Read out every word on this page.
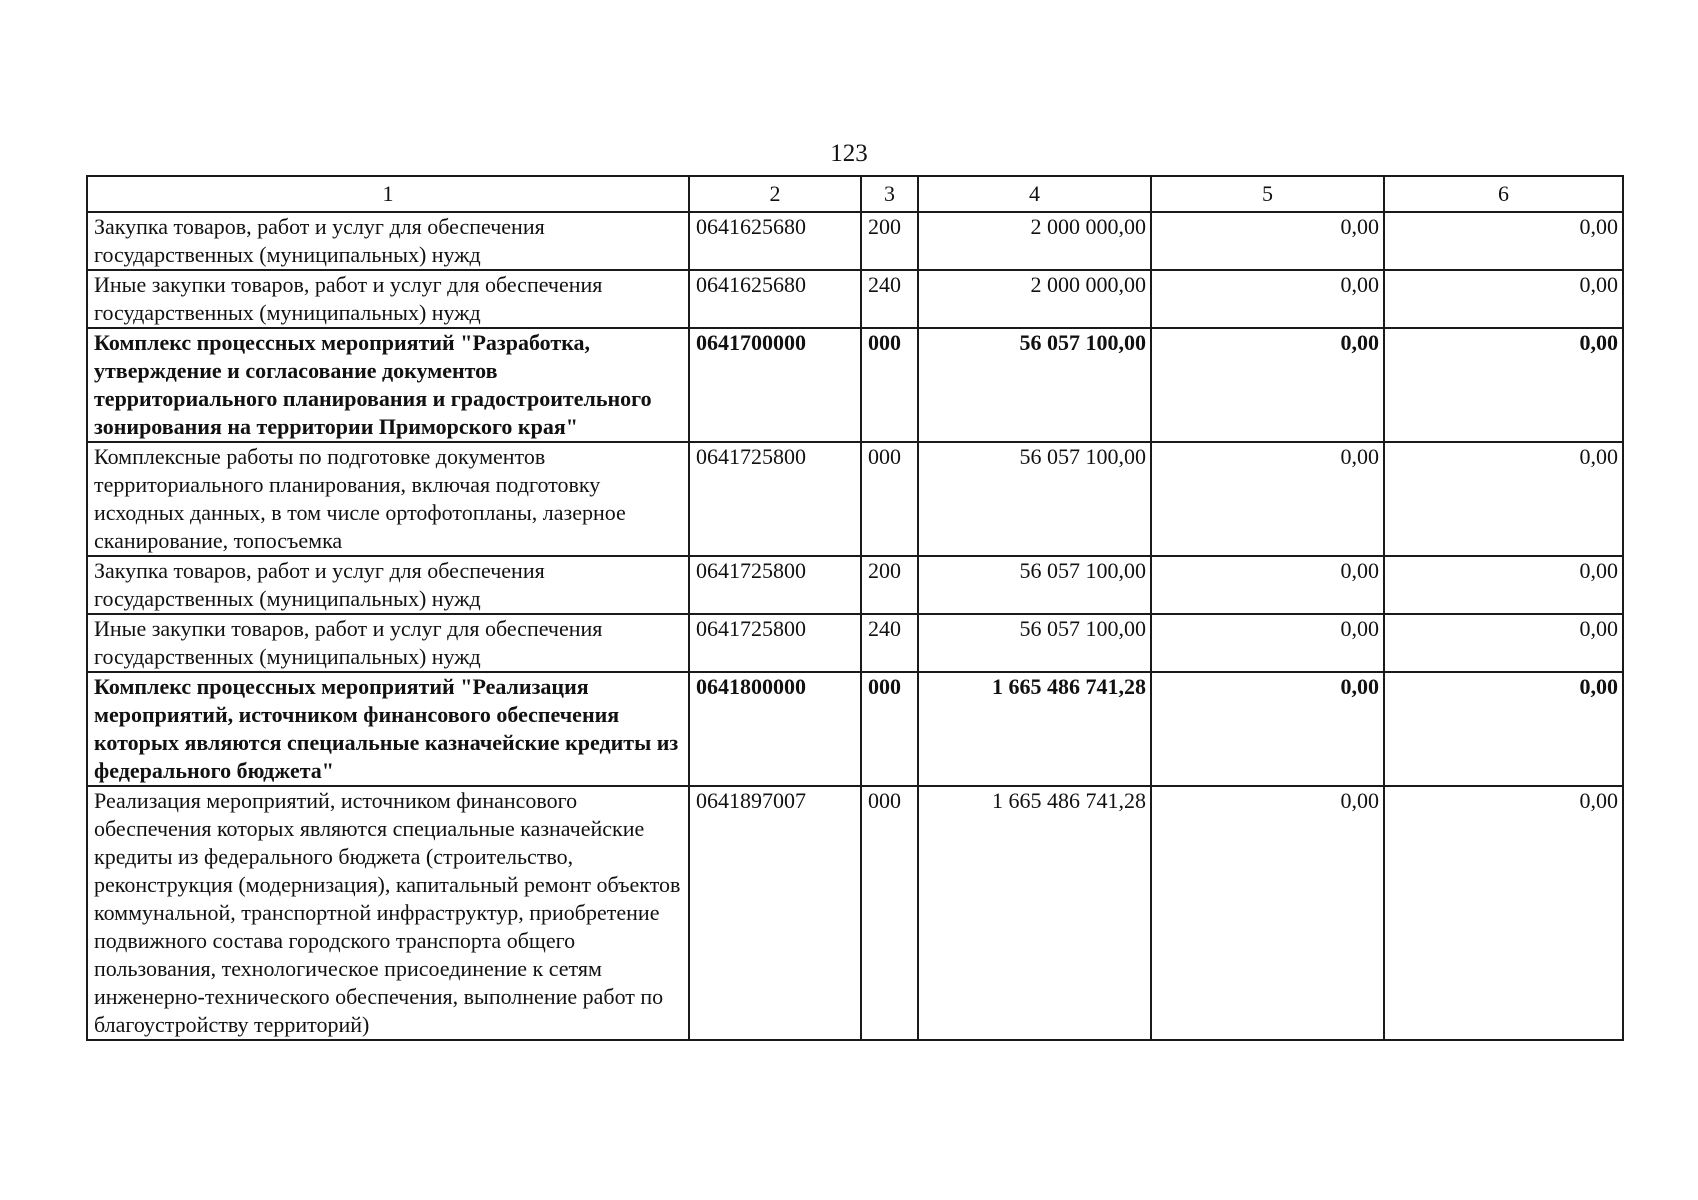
123
1	2	3	4	5	6
Закупка товаров, работ и услуг для обеспечения государственных (муниципальных) нужд	0641625680	200	2 000 000,00	0,00	0,00
Иные закупки товаров, работ и услуг для обеспечения государственных (муниципальных) нужд	0641625680	240	2 000 000,00	0,00	0,00
Комплекс процессных мероприятий "Разработка, утверждение и согласование документов территориального планирования и градостроительного зонирования на территории Приморского края"	0641700000	000	56 057 100,00	0,00	0,00
Комплексные работы по подготовке документов территориального планирования, включая подготовку исходных данных, в том числе ортофотопланы, лазерное сканирование, топосъемка	0641725800	000	56 057 100,00	0,00	0,00
Закупка товаров, работ и услуг для обеспечения государственных (муниципальных) нужд	0641725800	200	56 057 100,00	0,00	0,00
Иные закупки товаров, работ и услуг для обеспечения государственных (муниципальных) нужд	0641725800	240	56 057 100,00	0,00	0,00
Комплекс процессных мероприятий "Реализация мероприятий, источником финансового обеспечения которых являются специальные казначейские кредиты из федерального бюджета"	0641800000	000	1 665 486 741,28	0,00	0,00
Реализация мероприятий, источником финансового обеспечения которых являются специальные казначейские кредиты из федерального бюджета (строительство, реконструкция (модернизация), капитальный ремонт объектов коммунальной, транспортной инфраструктур, приобретение подвижного состава городского транспорта общего пользования, технологическое присоединение к сетям инженерно-технического обеспечения, выполнение работ по благоустройству территорий)	0641897007	000	1 665 486 741,28	0,00	0,00
